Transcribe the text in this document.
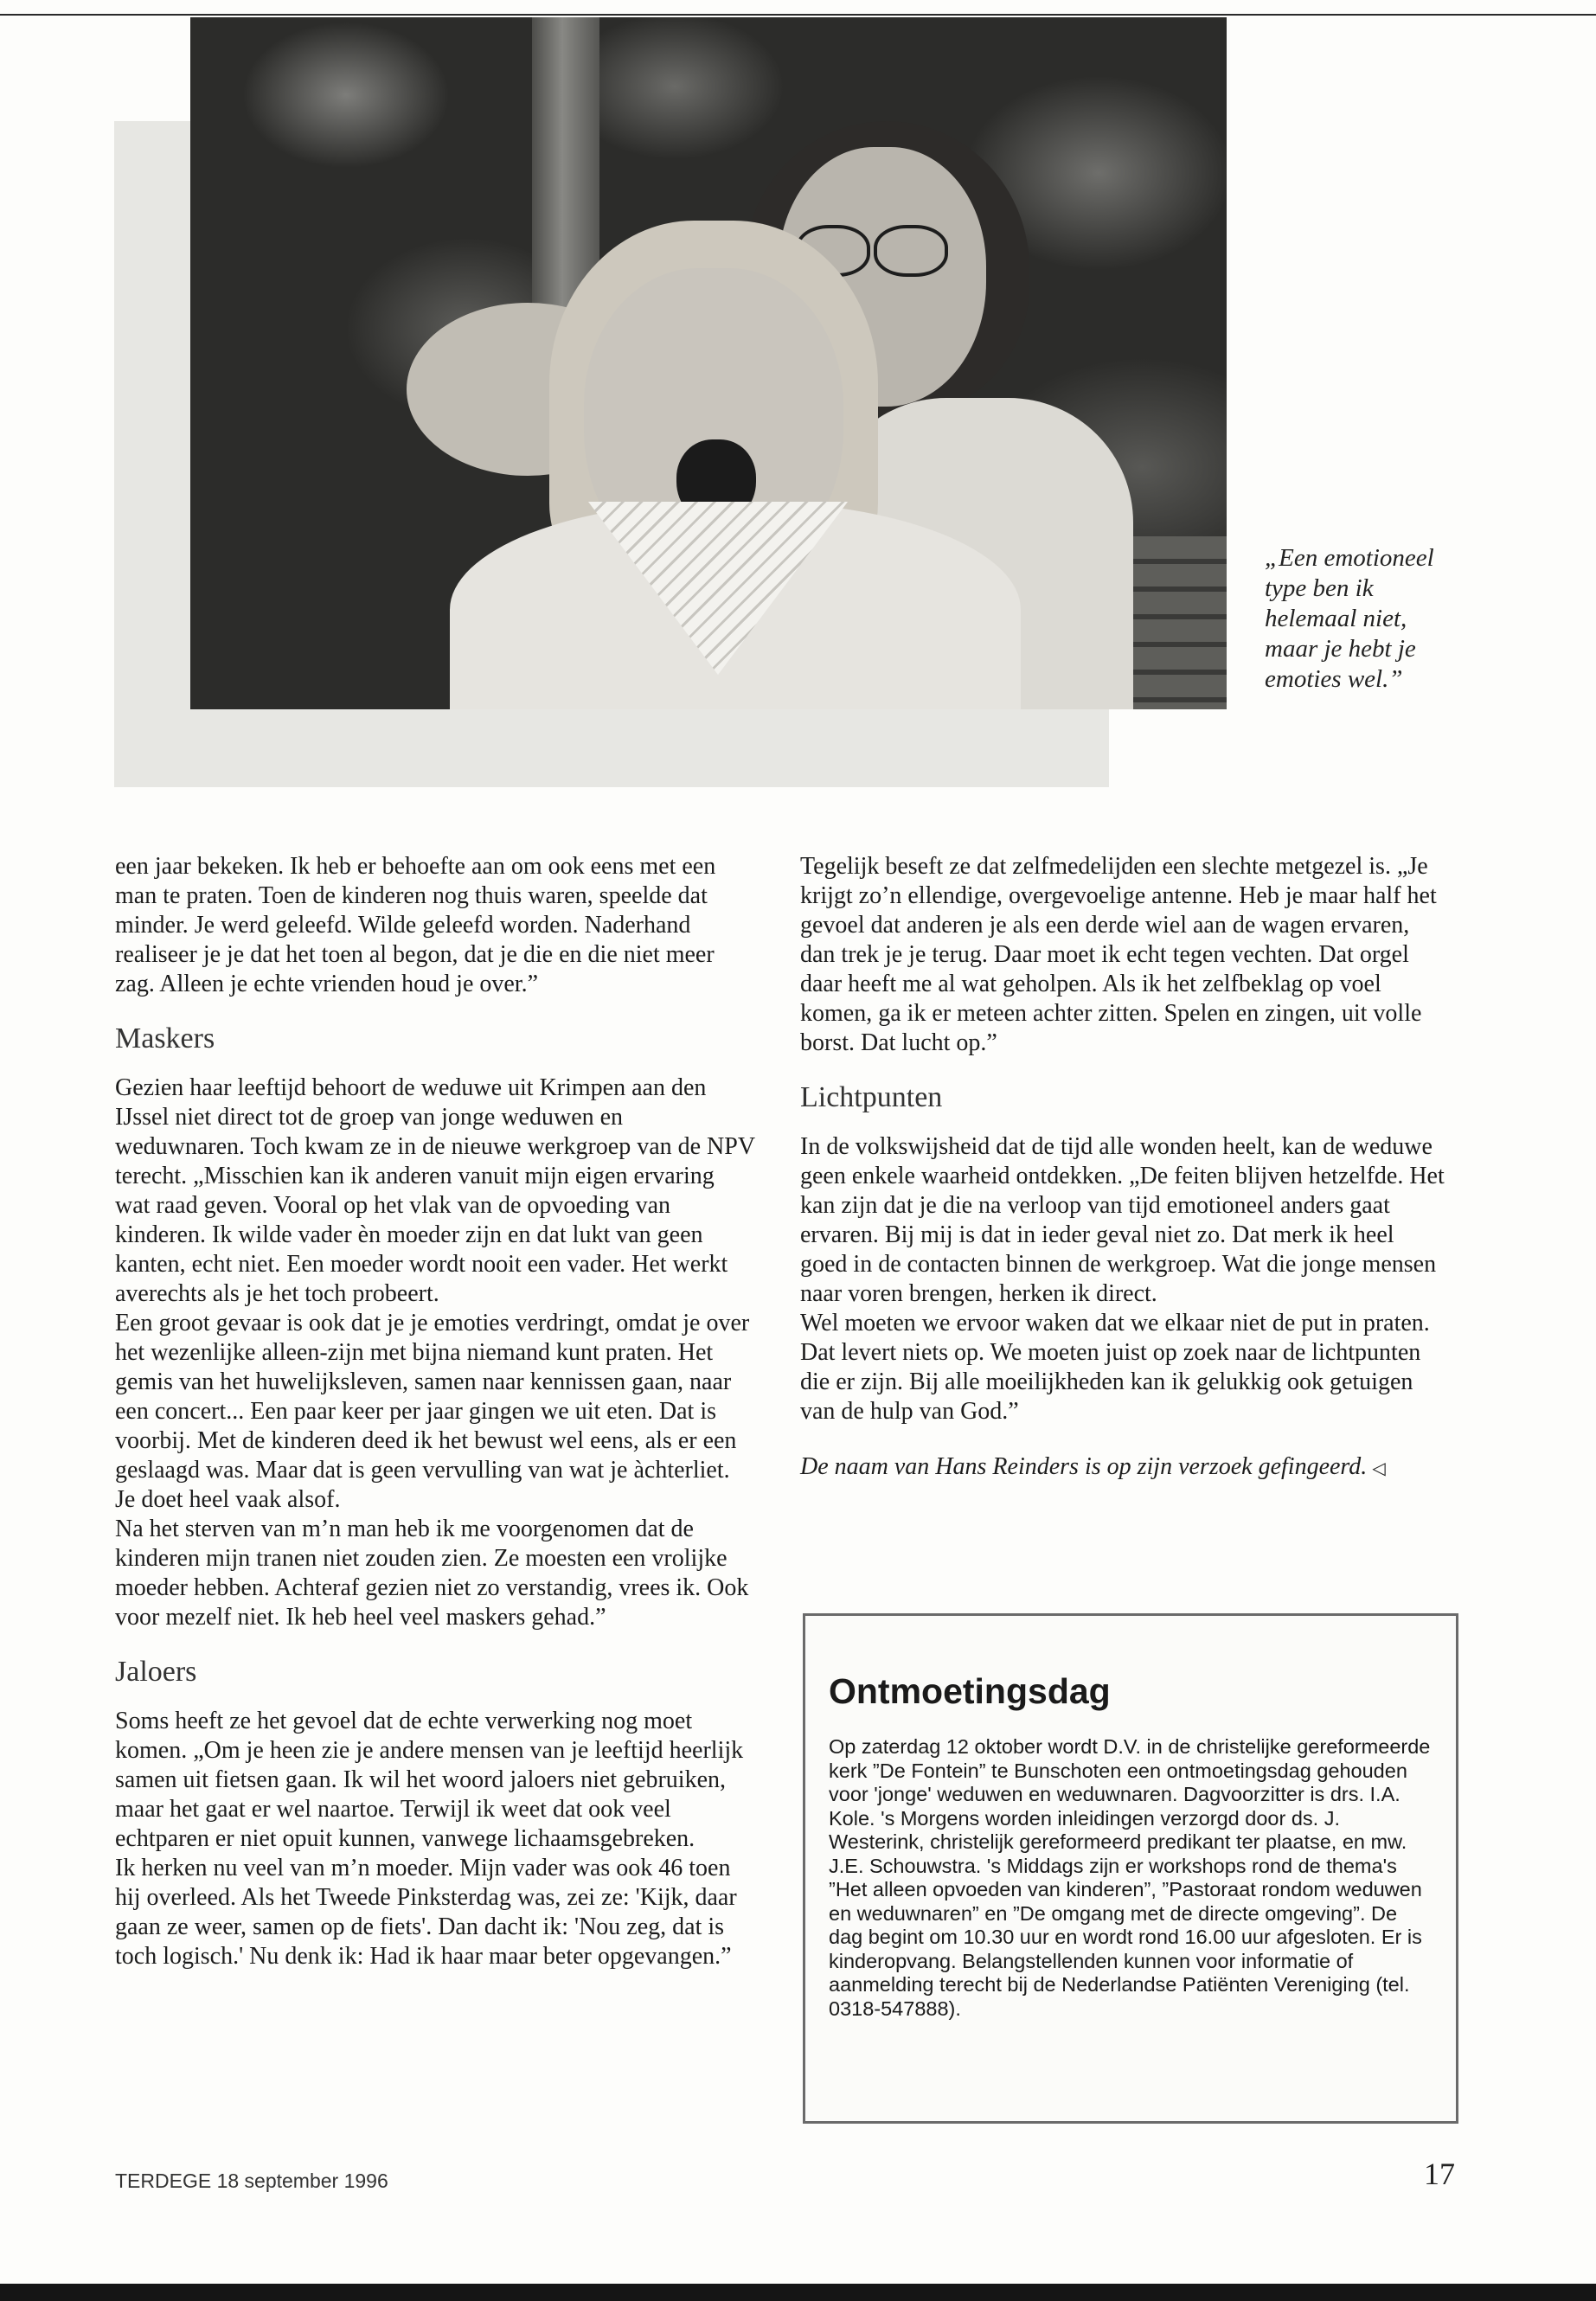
„Een emotioneel type ben ik helemaal niet, maar je hebt je emoties wel.”

een jaar bekeken. Ik heb er behoefte aan om ook eens met een man te praten. Toen de kinderen nog thuis waren, speelde dat minder. Je werd geleefd. Wilde geleefd worden. Naderhand realiseer je je dat het toen al begon, dat je die en die niet meer zag. Alleen je echte vrienden houd je over.”

Maskers

Gezien haar leeftijd behoort de weduwe uit Krimpen aan den IJssel niet direct tot de groep van jonge weduwen en weduwnaren. Toch kwam ze in de nieuwe werkgroep van de NPV terecht. „Misschien kan ik anderen vanuit mijn eigen ervaring wat raad geven. Vooral op het vlak van de opvoeding van kinderen. Ik wilde vader èn moeder zijn en dat lukt van geen kanten, echt niet. Een moeder wordt nooit een vader. Het werkt averechts als je het toch probeert.

Een groot gevaar is ook dat je je emoties verdringt, omdat je over het wezenlijke alleen-zijn met bijna niemand kunt praten. Het gemis van het huwelijksleven, samen naar kennissen gaan, naar een concert... Een paar keer per jaar gingen we uit eten. Dat is voorbij. Met de kinderen deed ik het bewust wel eens, als er een geslaagd was. Maar dat is geen vervulling van wat je àchterliet. Je doet heel vaak alsof.

Na het sterven van m’n man heb ik me voorgenomen dat de kinderen mijn tranen niet zouden zien. Ze moesten een vrolijke moeder hebben. Achteraf gezien niet zo verstandig, vrees ik. Ook voor mezelf niet. Ik heb heel veel maskers gehad.”

Jaloers

Soms heeft ze het gevoel dat de echte verwerking nog moet komen. „Om je heen zie je andere mensen van je leeftijd heerlijk samen uit fietsen gaan. Ik wil het woord jaloers niet gebruiken, maar het gaat er wel naartoe. Terwijl ik weet dat ook veel echtparen er niet opuit kunnen, vanwege lichaamsgebreken.

Ik herken nu veel van m’n moeder. Mijn vader was ook 46 toen hij overleed. Als het Tweede Pinksterdag was, zei ze: 'Kijk, daar gaan ze weer, samen op de fiets'. Dan dacht ik: 'Nou zeg, dat is toch logisch.' Nu denk ik: Had ik haar maar beter opgevangen.”

Tegelijk beseft ze dat zelfmedelijden een slechte metgezel is. „Je krijgt zo’n ellendige, overgevoelige antenne. Heb je maar half het gevoel dat anderen je als een derde wiel aan de wagen ervaren, dan trek je je terug. Daar moet ik echt tegen vechten. Dat orgel daar heeft me al wat geholpen. Als ik het zelfbeklag op voel komen, ga ik er meteen achter zitten. Spelen en zingen, uit volle borst. Dat lucht op.”

Lichtpunten

In de volkswijsheid dat de tijd alle wonden heelt, kan de weduwe geen enkele waarheid ontdekken. „De feiten blijven hetzelfde. Het kan zijn dat je die na verloop van tijd emotioneel anders gaat ervaren. Bij mij is dat in ieder geval niet zo. Dat merk ik heel goed in de contacten binnen de werkgroep. Wat die jonge mensen naar voren brengen, herken ik direct.

Wel moeten we ervoor waken dat we elkaar niet de put in praten. Dat levert niets op. We moeten juist op zoek naar de lichtpunten die er zijn. Bij alle moeilijkheden kan ik gelukkig ook getuigen van de hulp van God.”

De naam van Hans Reinders is op zijn verzoek gefingeerd. ◁

Ontmoetingsdag

Op zaterdag 12 oktober wordt D.V. in de christelijke gereformeerde kerk ”De Fontein” te Bunschoten een ontmoetingsdag gehouden voor 'jonge' weduwen en weduwnaren. Dagvoorzitter is drs. I.A. Kole. 's Morgens worden inleidingen verzorgd door ds. J. Westerink, christelijk gereformeerd predikant ter plaatse, en mw. J.E. Schouwstra. 's Middags zijn er workshops rond de thema's ”Het alleen opvoeden van kinderen”, ”Pastoraat rondom weduwen en weduwnaren” en ”De omgang met de directe omgeving”. De dag begint om 10.30 uur en wordt rond 16.00 uur afgesloten. Er is kinderopvang. Belangstellenden kunnen voor informatie of aanmelding terecht bij de Nederlandse Patiënten Vereniging (tel. 0318-547888).

TERDEGE 18 september 1996	17
